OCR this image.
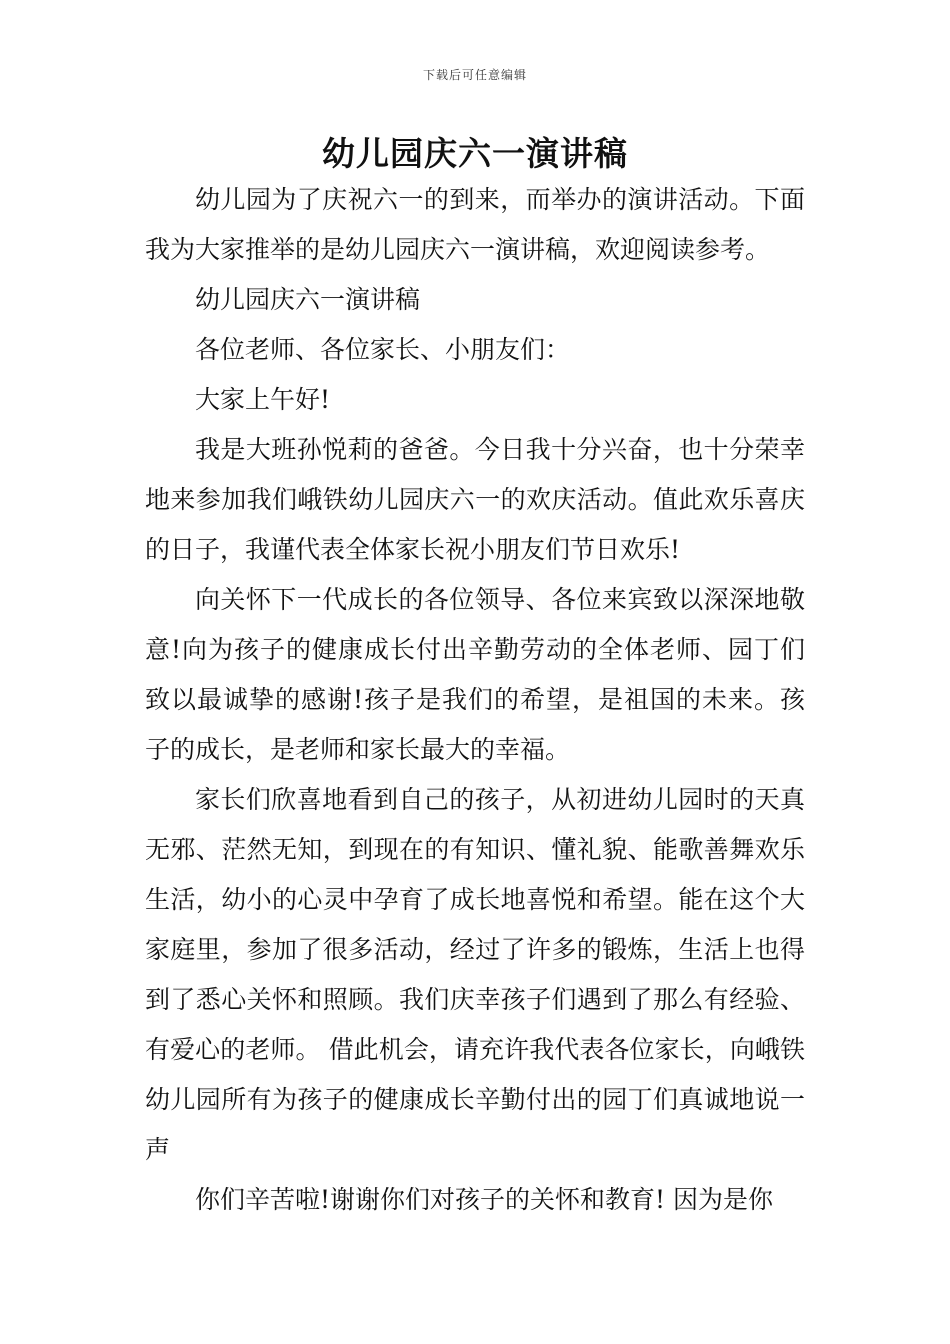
下载后可任意编辑
幼儿园庆六一演讲稿

幼儿园为了庆祝六一的到来，而举办的演讲活动。下面我为大家推举的是幼儿园庆六一演讲稿，欢迎阅读参考。

幼儿园庆六一演讲稿

各位老师、各位家长、小朋友们：

大家上午好!

我是大班孙悦莉的爸爸。今日我十分兴奋，也十分荣幸地来参加我们峨铁幼儿园庆六一的欢庆活动。值此欢乐喜庆的日子，我谨代表全体家长祝小朋友们节日欢乐!

向关怀下一代成长的各位领导、各位来宾致以深深地敬意!向为孩子的健康成长付出辛勤劳动的全体老师、园丁们致以最诚挚的感谢!孩子是我们的希望，是祖国的未来。孩子的成长，是老师和家长最大的幸福。

家长们欣喜地看到自己的孩子，从初进幼儿园时的天真无邪、茫然无知，到现在的有知识、懂礼貌、能歌善舞欢乐生活，幼小的心灵中孕育了成长地喜悦和希望。能在这个大家庭里，参加了很多活动，经过了许多的锻炼，生活上也得到了悉心关怀和照顾。我们庆幸孩子们遇到了那么有经验、有爱心的老师。 借此机会，请充许我代表各位家长，向峨铁幼儿园所有为孩子的健康成长辛勤付出的园丁们真诚地说一声

你们辛苦啦!谢谢你们对孩子的关怀和教育! 因为是你
